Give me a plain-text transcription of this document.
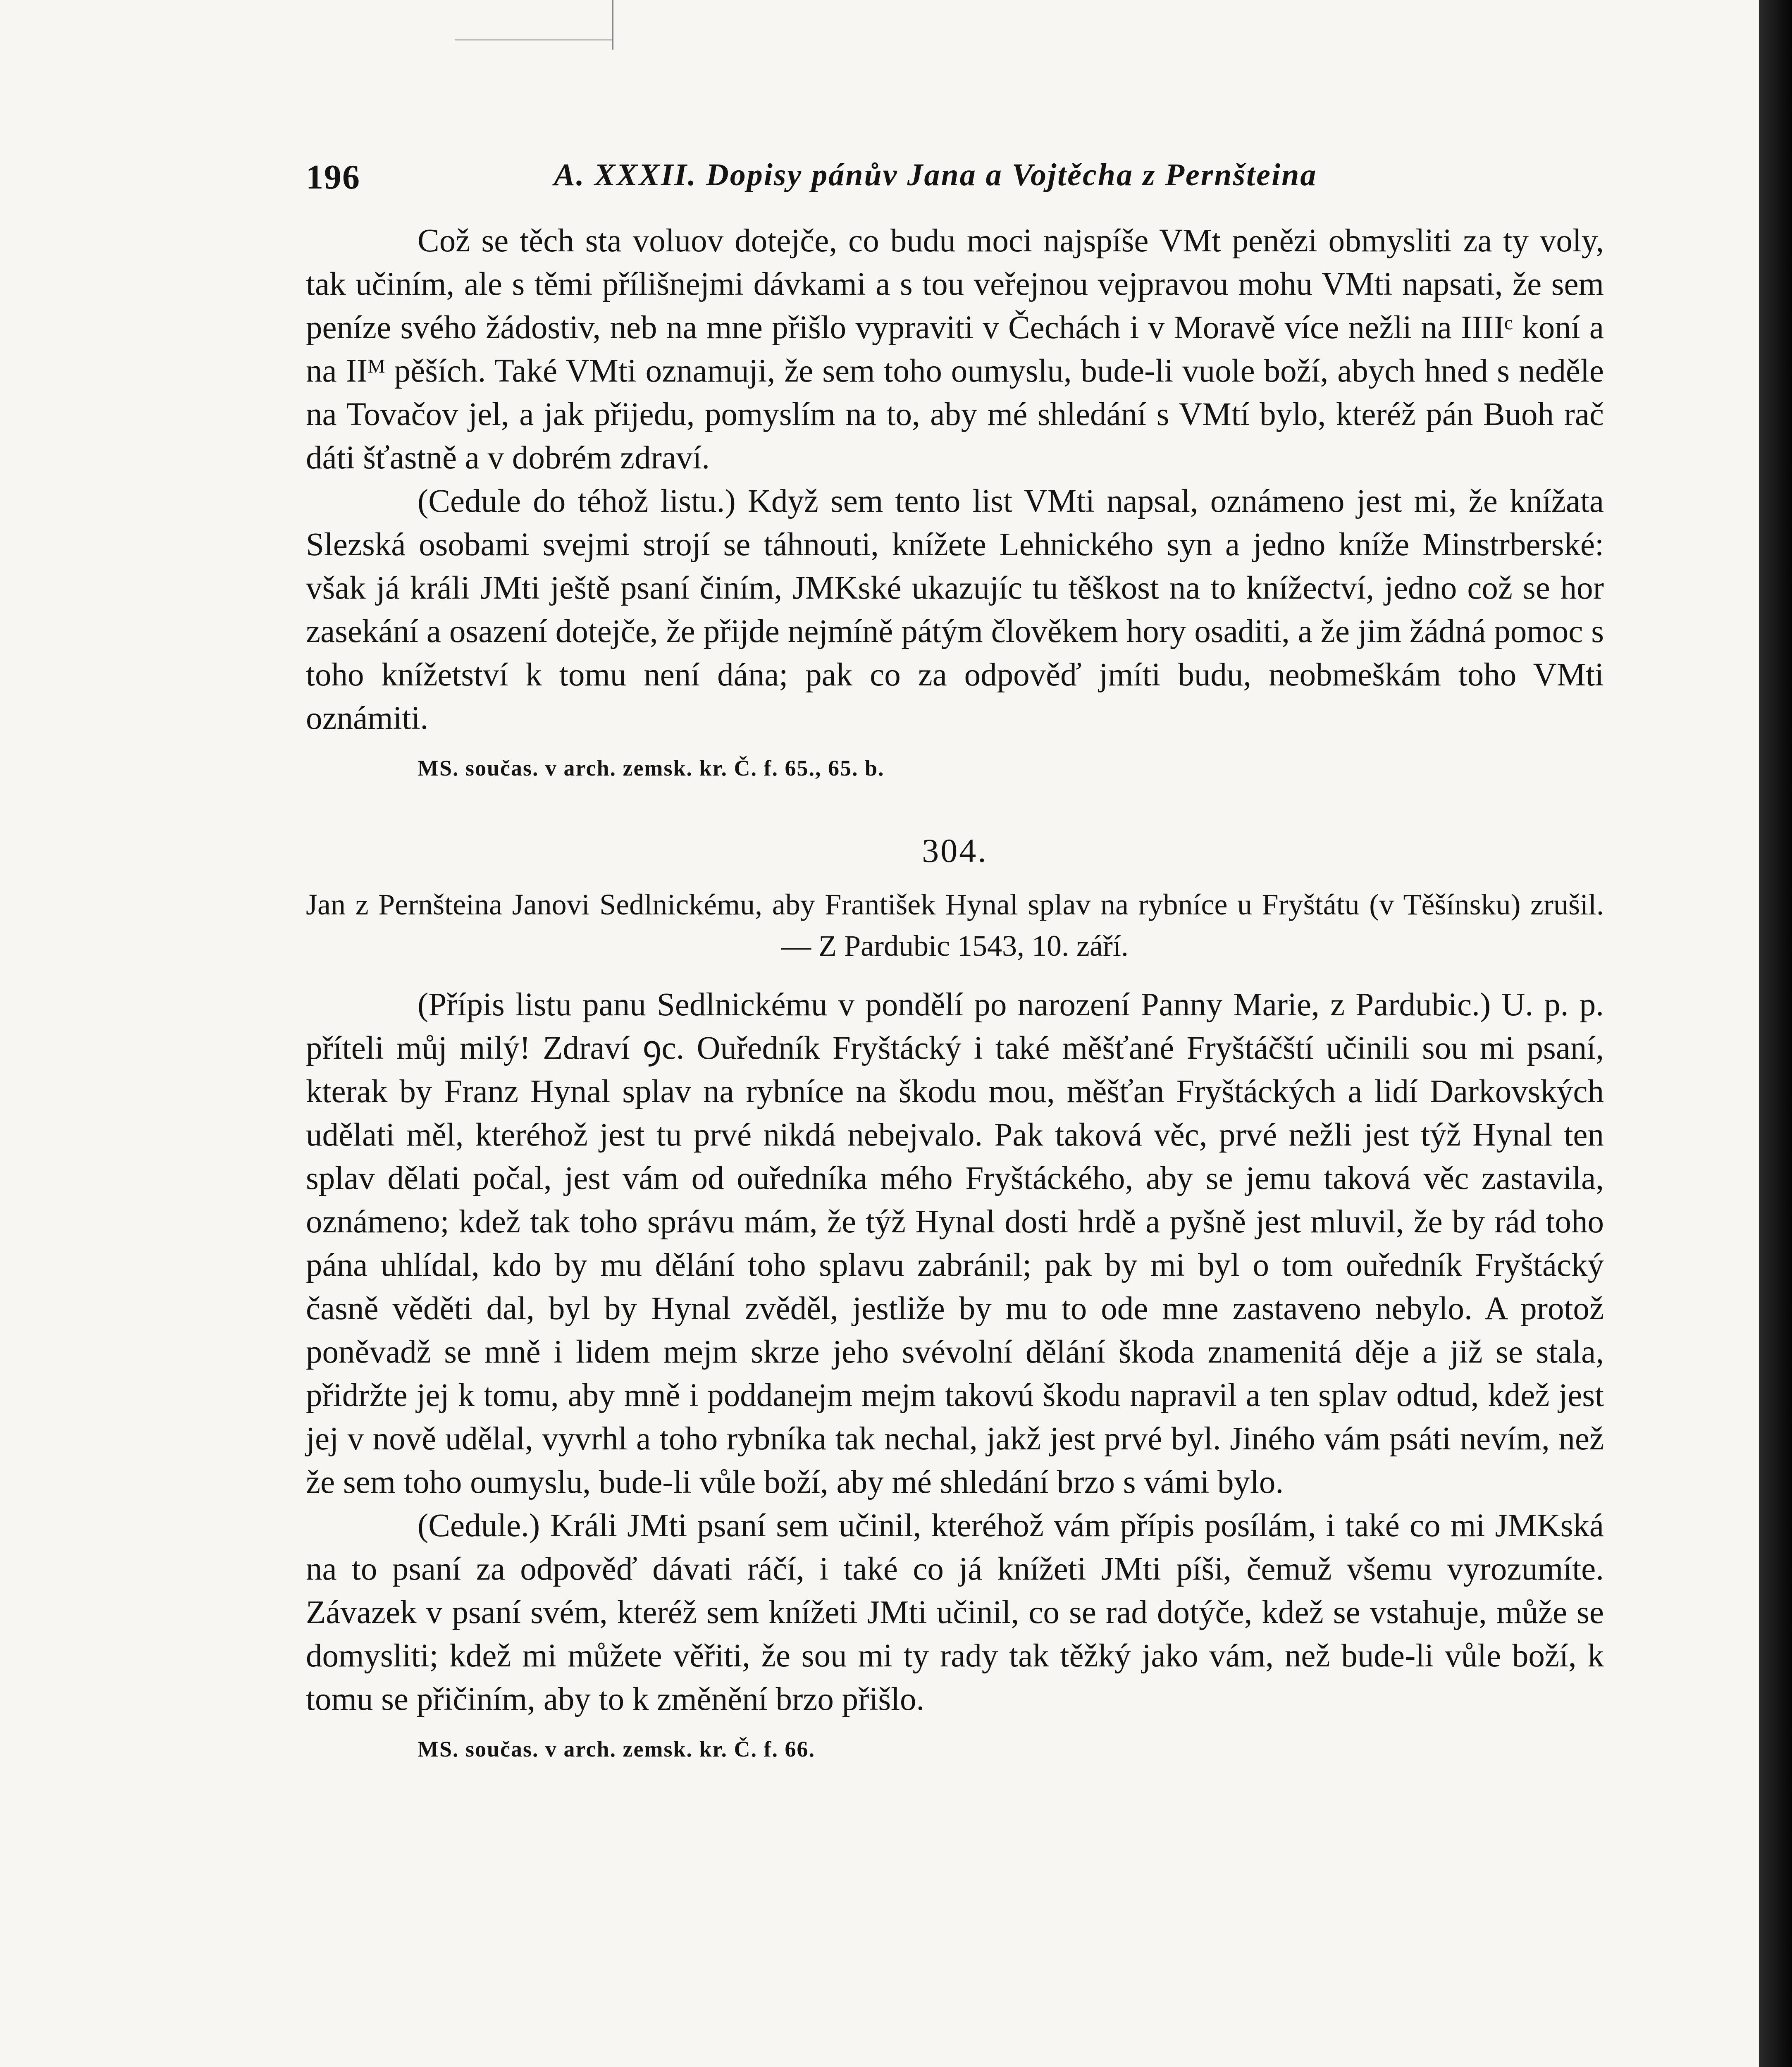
196	A. XXXII. Dopisy pánův Jana a Vojtěcha z Pernšteina

Což se těch sta voluov dotejče, co budu moci najspíše VMt penězi obmysliti za ty voly, tak učiním, ale s těmi přílišnejmi dávkami a s tou veřejnou vejpravou mohu VMti napsati, že sem peníze svého žádostiv, neb na mne přišlo vypraviti v Čechách i v Moravě více nežli na IIIIᶜ koní a na IIᴹ pěších. Také VMti oznamuji, že sem toho oumyslu, bude-li vuole boží, abych hned s neděle na Tovačov jel, a jak přijedu, pomyslím na to, aby mé shledání s VMtí bylo, kteréž pán Buoh rač dáti šťastně a v dobrém zdraví.

(Cedule do téhož listu.) Když sem tento list VMti napsal, oznámeno jest mi, že knížata Slezská osobami svejmi strojí se táhnouti, knížete Lehnického syn a jedno kníže Minstrberské: však já králi JMti ještě psaní činím, JMKské ukazujíc tu těškost na to knížectví, jedno což se hor zasekání a osazení dotejče, že přijde nejmíně pátým člověkem hory osaditi, a že jim žádná pomoc s toho knížetství k tomu není dána; pak co za odpověď jmíti budu, neobmeškám toho VMti oznámiti.

MS. součas. v arch. zemsk. kr. Č. f. 65., 65. b.
304.
Jan z Pernšteina Janovi Sedlnickému, aby František Hynal splav na rybníce u Fryštátu (v Těšínsku) zrušil. — Z Pardubic 1543, 10. září.

(Přípis listu panu Sedlnickému v pondělí po narození Panny Marie, z Pardubic.) U. p. p. příteli můj milý! Zdraví ꝯc. Ouředník Fryštácký i také měšťané Fryštáčští učinili sou mi psaní, kterak by Franz Hynal splav na rybníce na škodu mou, měšťan Fryštáckých a lidí Darkovských udělati měl, kteréhož jest tu prvé nikdá nebejvalo. Pak taková věc, prvé nežli jest týž Hynal ten splav dělati počal, jest vám od ouředníka mého Fryštáckého, aby se jemu taková věc zastavila, oznámeno; kdež tak toho správu mám, že týž Hynal dosti hrdě a pyšně jest mluvil, že by rád toho pána uhlídal, kdo by mu dělání toho splavu zabránil; pak by mi byl o tom ouředník Fryštácký časně věděti dal, byl by Hynal zvěděl, jestliže by mu to ode mne zastaveno nebylo. A protož poněvadž se mně i lidem mejm skrze jeho svévolní dělání škoda znamenitá děje a již se stala, přidržte jej k tomu, aby mně i poddanejm mejm takovú škodu napravil a ten splav odtud, kdež jest jej v nově udělal, vyvrhl a toho rybníka tak nechal, jakž jest prvé byl. Jiného vám psáti nevím, než že sem toho oumyslu, bude-li vůle boží, aby mé shledání brzo s vámi bylo.

(Cedule.) Králi JMti psaní sem učinil, kteréhož vám přípis posílám, i také co mi JMKská na to psaní za odpověď dávati ráčí, i také co já knížeti JMti píši, čemuž všemu vyrozumíte. Závazek v psaní svém, kteréž sem knížeti JMti učinil, co se rad dotýče, kdež se vstahuje, může se domysliti; kdež mi můžete věřiti, že sou mi ty rady tak těžký jako vám, než bude-li vůle boží, k tomu se přičiním, aby to k změnění brzo přišlo.

MS. součas. v arch. zemsk. kr. Č. f. 66.
